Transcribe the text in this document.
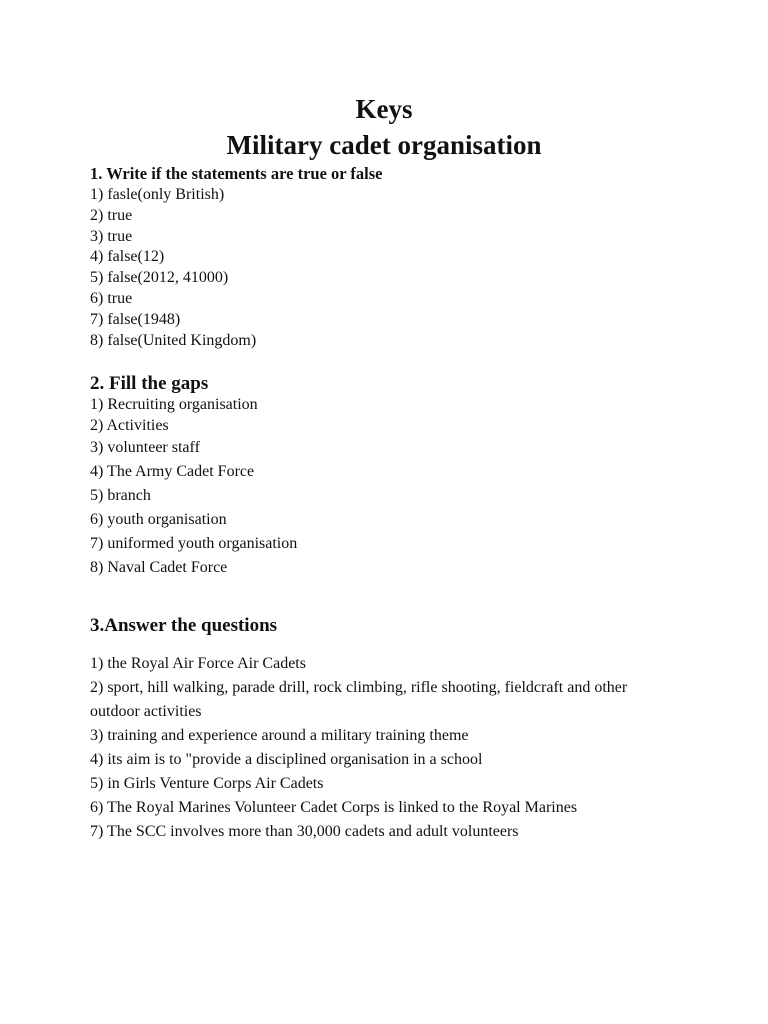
Keys
Military cadet organisation
1. Write if the statements are true or false
1) fasle(only British)
2) true
3) true
4) false(12)
5) false(2012, 41000)
6) true
7) false(1948)
8) false(United Kingdom)
2. Fill the gaps
1) Recruiting organisation
2) Activities
3) volunteer staff
4) The Army Cadet Force
5) branch
6) youth organisation
7) uniformed youth organisation
8) Naval Cadet Force
3.Answer the questions
1) the Royal Air Force Air Cadets
2) sport, hill walking, parade drill, rock climbing, rifle shooting, fieldcraft and other outdoor activities
3) training and experience around a military training theme
4) its aim is to "provide a disciplined organisation in a school
5) in Girls Venture Corps Air Cadets
6) The Royal Marines Volunteer Cadet Corps is linked to the Royal Marines
7) The SCC involves more than 30,000 cadets and adult volunteers
